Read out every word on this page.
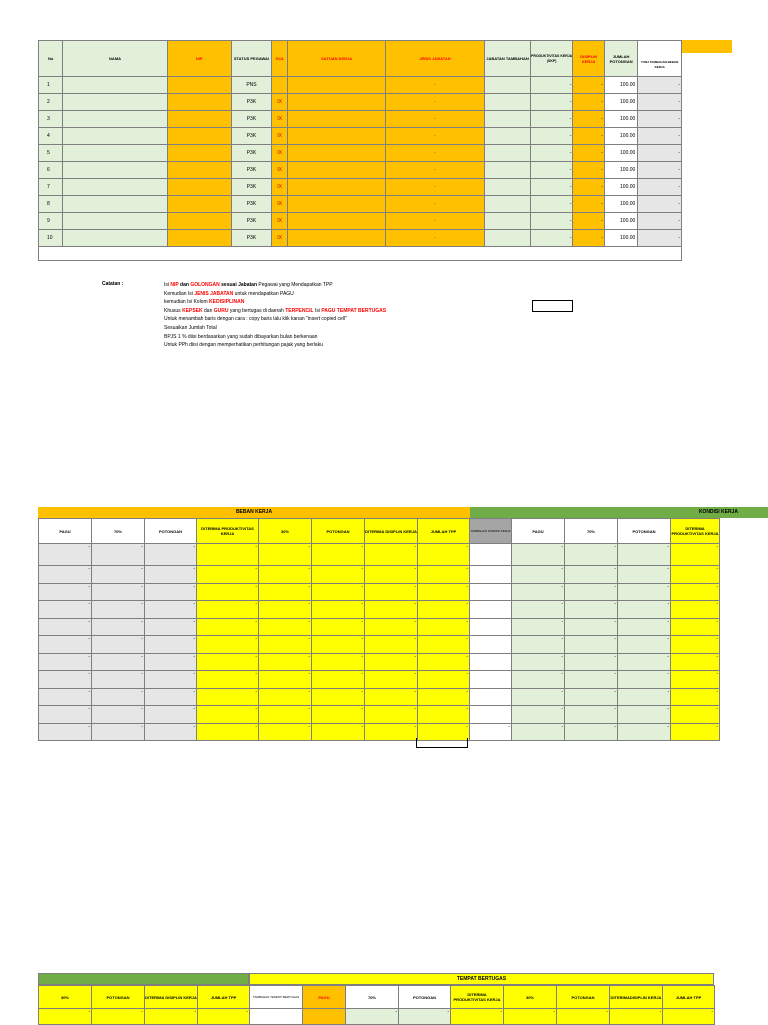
No	NAMA	NIP	STATUS PEGAWAI	GOL	SATUAN KERJA	JENIS JABATAN	JABATAN TAMBAHAN	PRODUKTIVITAS KERJA (SKP)	DISIPLIN KERJA	JUMLAH POTONGAN	TUNJ TAMBAHAN BEBAN KERJA
1			PNS			-		-	-	100.00	-
2			P3K	IX		-		-	-	100.00	-
3			P3K	IX		-		-	-	100.00	-
4			P3K	IX		-		-	-	100.00	-
5			P3K	IX		-		-	-	100.00	-
6			P3K	IX		-		-	-	100.00	-
7			P3K	IX		-		-	-	100.00	-
8			P3K	IX		-		-	-	100.00	-
9			P3K	IX		-		-	-	100.00	-
10			P3K	IX		-		-	-	100.00	-

Catatan :	Isi NIP dan GOLONGAN sesuai Jabatan Pegawai yang Mendapatkan TPP
Kemudian Isi JENIS JABATAN untuk mendapatkan PAGU
kemudian Isi Kolom KEDISIPLINAN
Khusus KEPSEK dan GURU yang bertugas di daerah TERPENCIL Isi PAGU TEMPAT BERTUGAS
Untuk menambah baris dengan cara : copy baris lalu klik kanan "insert copied cell"
Sesuaikan Jumlah Total
BPJS 1 % diisi berdasarkan yang sudah dibayarkan bulan berkenaan
Untuk PPh diisi dengan memperhatikan perhitungan pajak yang berlaku
BEBAN KERJA	KONDISI KERJA
PAGU	70%	POTONGAN	DITERIMA PRODUKTIVITAS KERJA	30%	POTONGAN	DITERIMA DISIPLIN KERJA	JUMLAH TPP	TAMBAHAN KONDISI KERJA	PAGU	70%	POTONGAN	DITERIMA PRODUKTIVITAS KERJA
-	-	-	-	-	-	-	-		-	-	-	-
-	-	-	-	-	-	-	-		-	-	-	-
-	-	-	-	-	-	-	-		-	-	-	-
-	-	-	-	-	-	-	-		-	-	-	-
-	-	-	-	-	-	-	-		-	-	-	-
-	-	-	-	-	-	-	-		-	-	-	-
-	-	-	-	-	-	-	-		-	-	-	-
-	-	-	-	-	-	-	-		-	-	-	-
-	-	-	-	-	-	-	-		-	-	-	-
-	-	-	-	-	-	-	-		-	-	-	-
-	-	-	-	-	-	-	-	-	-	-	-	-
TEMPAT BERTUGAS
30%	POTONGAN	DITERIMA DISIPLIN KERJA	JUMLAH TPP	TAMBAHAN TEMPAT BERTUGAS	PAGU	70%	POTONGAN	DITERIMA PRODUKTIVITAS KERJA	30%	POTONGAN	DITERIMADISIPLIN KERJA	JUMLAH TPP
-	-	-	-			-	-	-	-	-	-	-
